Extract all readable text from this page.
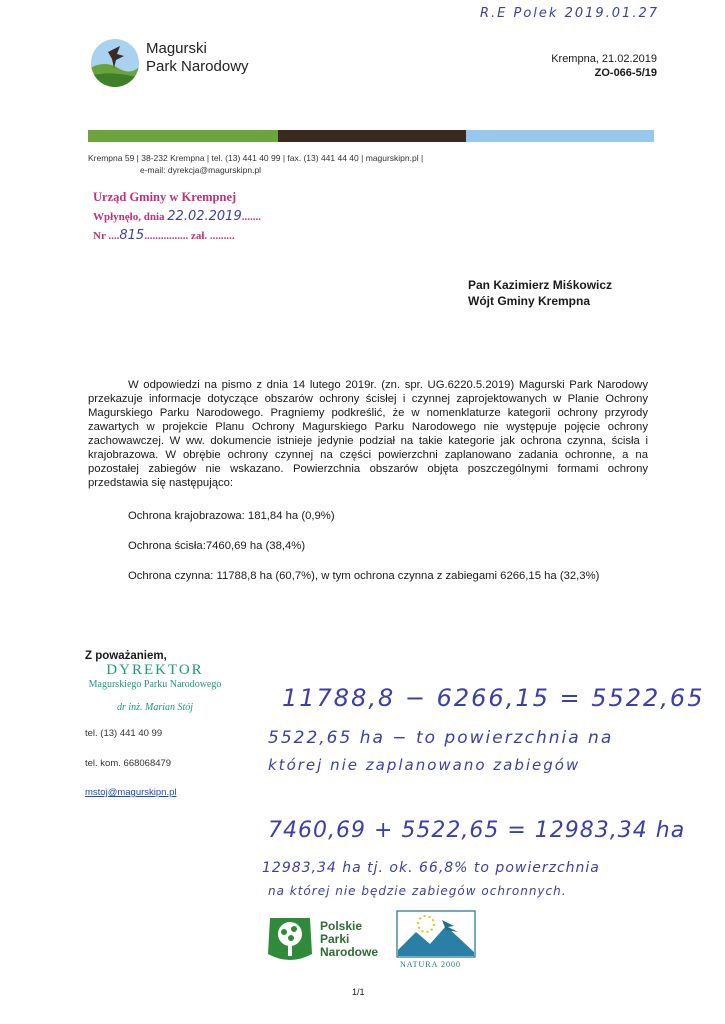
R.E Polek 2019.01.27
Magurski
Park Narodowy	Krempna, 21.02.2019
ZO-066-5/19
Krempna 59 | 38-232 Krempna | tel. (13) 441 40 99 | fax. (13) 441 44 40 | magurskipn.pl |
e-mail: dyrekcja@magurskipn.pl
Urząd Gminy w Krempnej
Wpłynęło, dnia 22.02.2019.......
Nr ....815................ zał. .........
Pan Kazimierz Miśkowicz
Wójt Gminy Krempna
W odpowiedzi na pismo z dnia 14 lutego 2019r. (zn. spr. UG.6220.5.2019) Magurski Park Narodowy przekazuje informacje dotyczące obszarów ochrony ścisłej i czynnej zaprojektowanych w Planie Ochrony Magurskiego Parku Narodowego. Pragniemy podkreślić, że w nomenklaturze kategorii ochrony przyrody zawartych w projekcie Planu Ochrony Magurskiego Parku Narodowego nie występuje pojęcie ochrony zachowawczej. W ww. dokumencie istnieje jedynie podział na takie kategorie jak ochrona czynna, ścisła i krajobrazowa. W obrębie ochrony czynnej na części powierzchni zaplanowano zadania ochronne, a na pozostałej zabiegów nie wskazano. Powierzchnia obszarów objęta poszczególnymi formami ochrony przedstawia się następująco:
Ochrona krajobrazowa: 181,84 ha (0,9%)
Ochrona ścisła:7460,69 ha (38,4%)
Ochrona czynna: 11788,8 ha (60,7%), w tym ochrona czynna z zabiegami 6266,15 ha (32,3%)
Z poważaniem,
DYREKTOR
Magurskiego Parku Narodowego
dr inż. Marian Stój
tel. (13) 441 40 99
tel. kom. 668068479
mstoj@magurskipn.pl
11788,8 − 6266,15 = 5522,65
5522,65 ha − to powierzchnia na
której nie zaplanowano zabiegów
7460,69 + 5522,65 = 12983,34 ha
12983,34 ha tj. ok. 66,8% to powierzchnia
na której nie będzie zabiegów ochronnych.
Polskie
Parki
Narodowe
NATURA 2000
1/1
